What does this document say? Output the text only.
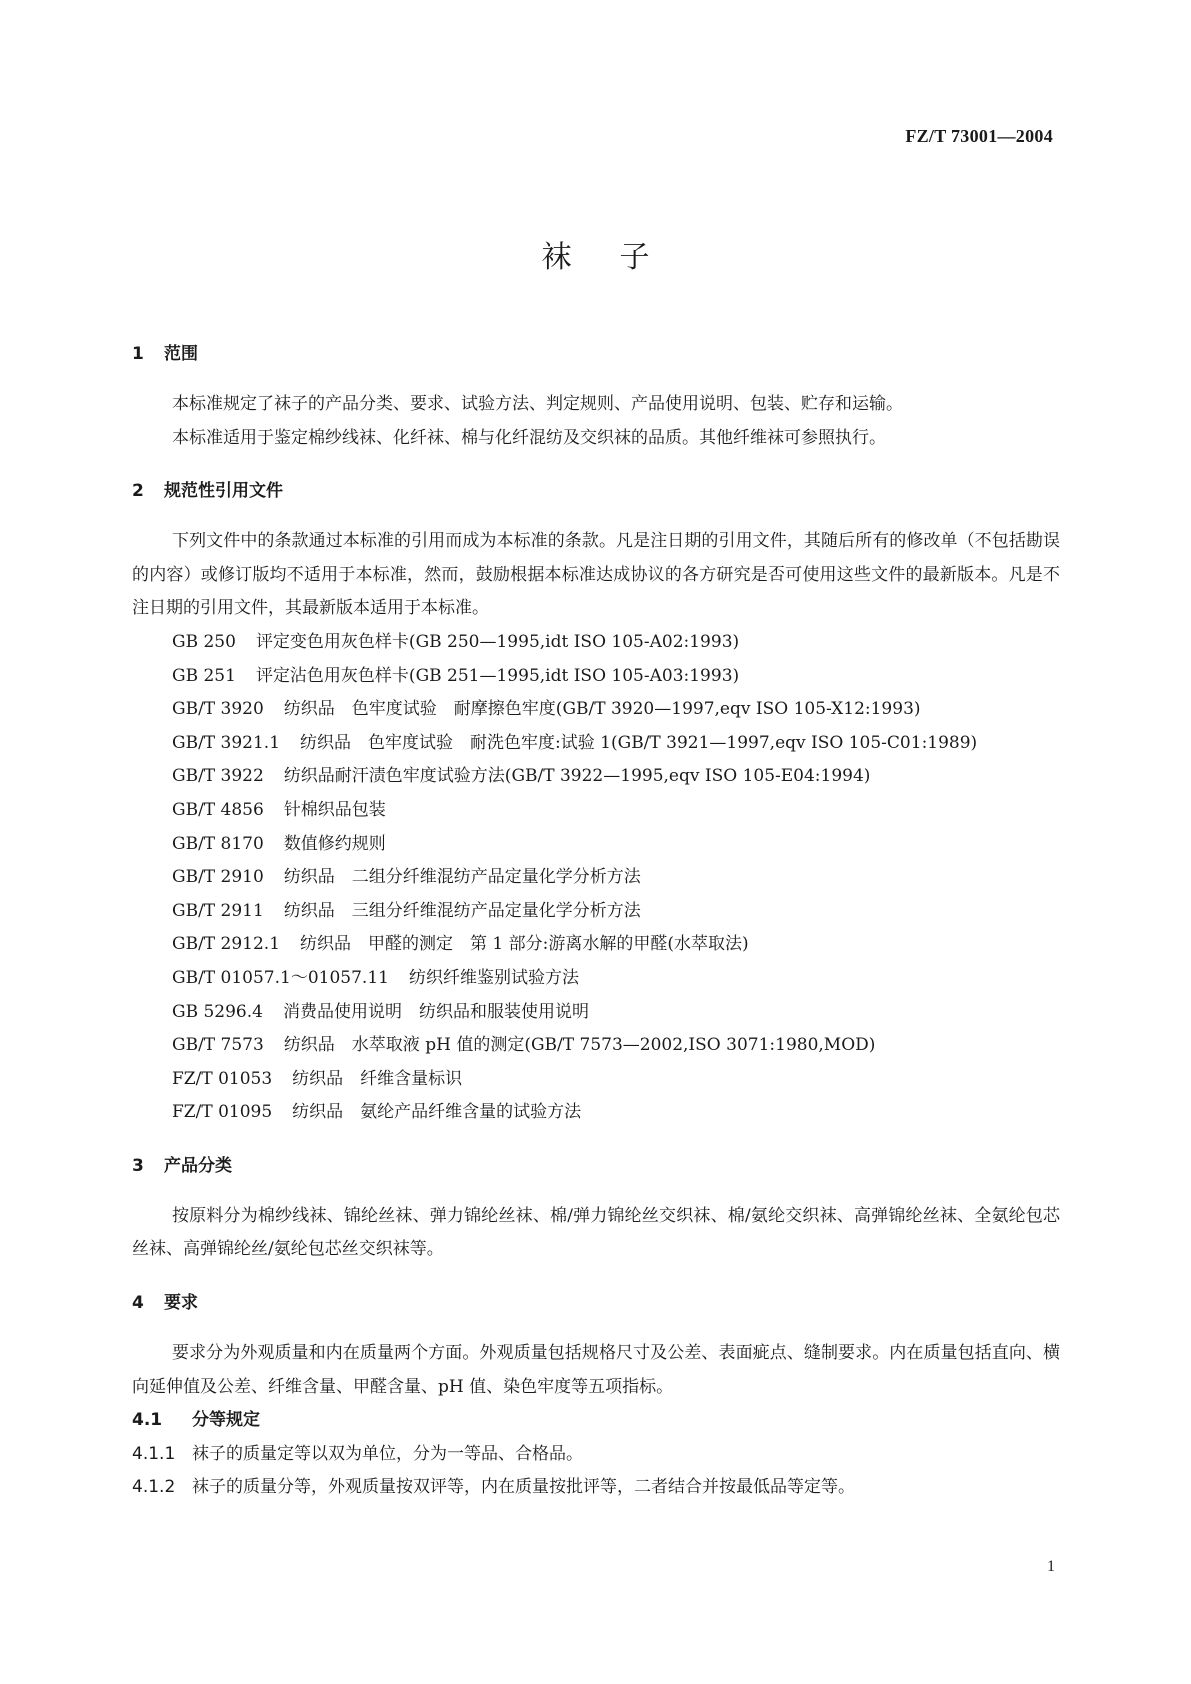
FZ/T 73001—2004
袜子
1 范围

本标准规定了袜子的产品分类、要求、试验方法、判定规则、产品使用说明、包装、贮存和运输。

本标准适用于鉴定棉纱线袜、化纤袜、棉与化纤混纺及交织袜的品质。其他纤维袜可参照执行。

2 规范性引用文件

下列文件中的条款通过本标准的引用而成为本标准的条款。凡是注日期的引用文件，其随后所有的修改单（不包括勘误的内容）或修订版均不适用于本标准，然而，鼓励根据本标准达成协议的各方研究是否可使用这些文件的最新版本。凡是不注日期的引用文件，其最新版本适用于本标准。

GB 250 评定变色用灰色样卡(GB 250—1995,idt ISO 105-A02:1993)
GB 251 评定沾色用灰色样卡(GB 251—1995,idt ISO 105-A03:1993)
GB/T 3920 纺织品　色牢度试验　耐摩擦色牢度(GB/T 3920—1997,eqv ISO 105-X12:1993)
GB/T 3921.1 纺织品　色牢度试验　耐洗色牢度:试验 1(GB/T 3921—1997,eqv ISO 105-C01:1989)
GB/T 3922 纺织品耐汗渍色牢度试验方法(GB/T 3922—1995,eqv ISO 105-E04:1994)
GB/T 4856 针棉织品包装
GB/T 8170 数值修约规则
GB/T 2910 纺织品　二组分纤维混纺产品定量化学分析方法
GB/T 2911 纺织品　三组分纤维混纺产品定量化学分析方法
GB/T 2912.1 纺织品　甲醛的测定　第 1 部分:游离水解的甲醛(水萃取法)
GB/T 01057.1～01057.11 纺织纤维鉴别试验方法
GB 5296.4 消费品使用说明　纺织品和服装使用说明
GB/T 7573 纺织品　水萃取液 pH 值的测定(GB/T 7573—2002,ISO 3071:1980,MOD)
FZ/T 01053 纺织品　纤维含量标识
FZ/T 01095 纺织品　氨纶产品纤维含量的试验方法
3 产品分类

按原料分为棉纱线袜、锦纶丝袜、弹力锦纶丝袜、棉/弹力锦纶丝交织袜、棉/氨纶交织袜、高弹锦纶丝袜、全氨纶包芯丝袜、高弹锦纶丝/氨纶包芯丝交织袜等。

4 要求

要求分为外观质量和内在质量两个方面。外观质量包括规格尺寸及公差、表面疵点、缝制要求。内在质量包括直向、横向延伸值及公差、纤维含量、甲醛含量、pH 值、染色牢度等五项指标。

4.1 分等规定

4.1.1 袜子的质量定等以双为单位，分为一等品、合格品。

4.1.2 袜子的质量分等，外观质量按双评等，内在质量按批评等，二者结合并按最低品等定等。

1
